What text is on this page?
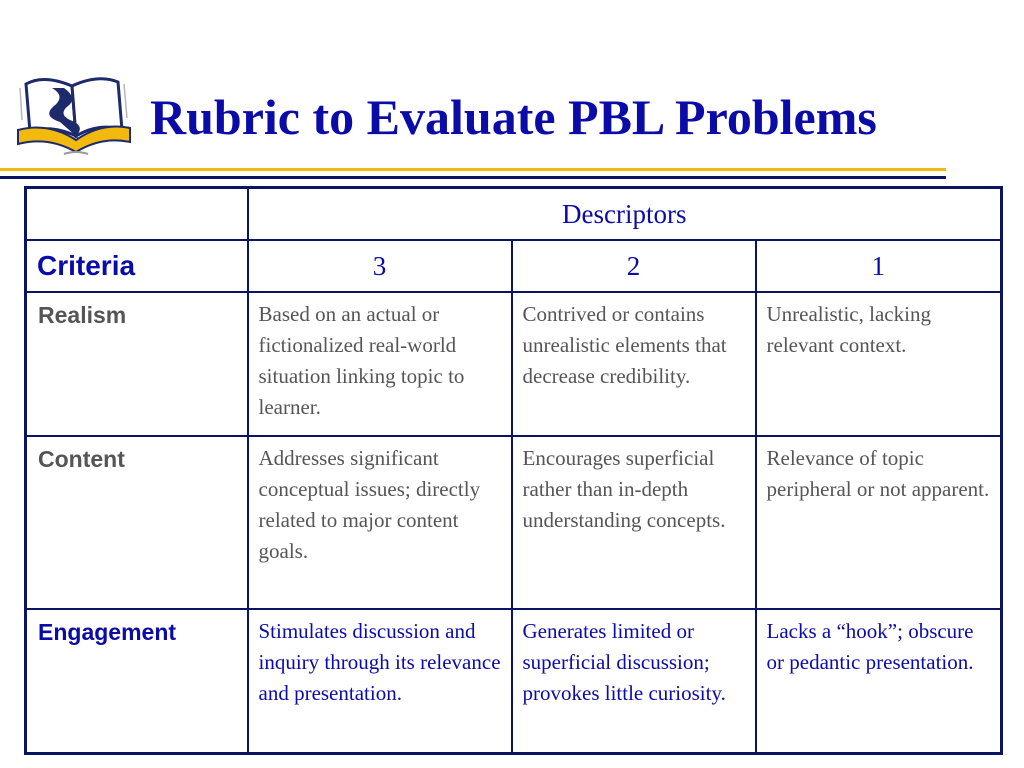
Rubric to Evaluate PBL Problems
	Descriptors		
Criteria	3	2	1
Realism	Based on an actual or fictionalized real-world situation linking topic to learner.	Contrived or contains unrealistic elements that decrease credibility.	Unrealistic, lacking relevant context.
Content	Addresses significant conceptual issues; directly related to major content goals.	Encourages superficial rather than in-depth understanding concepts.	Relevance of topic peripheral or not apparent.
Engagement	Stimulates discussion and inquiry through its relevance and presentation.	Generates limited or superficial discussion; provokes little curiosity.	Lacks a “hook”; obscure or pedantic presentation.
